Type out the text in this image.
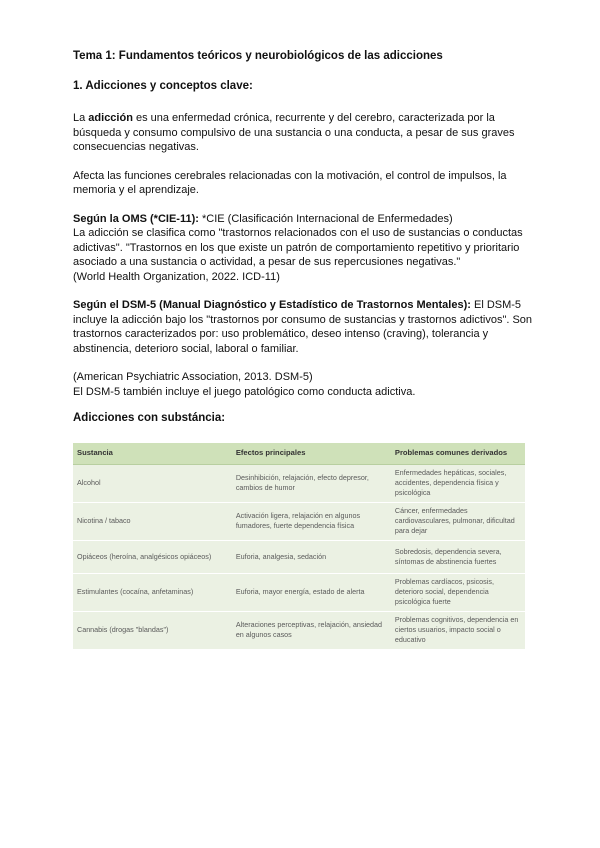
Tema 1: Fundamentos teóricos y neurobiológicos de las adicciones
1. Adicciones y conceptos clave:
La adicción es una enfermedad crónica, recurrente y del cerebro, caracterizada por la búsqueda y consumo compulsivo de una sustancia o una conducta, a pesar de sus graves consecuencias negativas.
Afecta las funciones cerebrales relacionadas con la motivación, el control de impulsos, la memoria y el aprendizaje.
Según la OMS (*CIE-11): *CIE (Clasificación Internacional de Enfermedades)
La adicción se clasifica como "trastornos relacionados con el uso de sustancias o conductas adictivas". "Trastornos en los que existe un patrón de comportamiento repetitivo y prioritario asociado a una sustancia o actividad, a pesar de sus repercusiones negativas."
(World Health Organization, 2022. ICD-11)
Según el DSM-5 (Manual Diagnóstico y Estadístico de Trastornos Mentales): El DSM-5 incluye la adicción bajo los "trastornos por consumo de sustancias y trastornos adictivos". Son trastornos caracterizados por: uso problemático, deseo intenso (craving), tolerancia y abstinencia, deterioro social, laboral o familiar.
(American Psychiatric Association, 2013. DSM-5)
El DSM-5 también incluye el juego patológico como conducta adictiva.
Adicciones con substáncia:
Sustancia	Efectos principales	Problemas comunes derivados
Alcohol	Desinhibición, relajación, efecto depresor, cambios de humor	Enfermedades hepáticas, sociales, accidentes, dependencia física y psicológica
Nicotina / tabaco	Activación ligera, relajación en algunos fumadores, fuerte dependencia física	Cáncer, enfermedades cardiovasculares, pulmonar, dificultad para dejar
Opiáceos (heroína, analgésicos opiáceos)	Euforia, analgesia, sedación	Sobredosis, dependencia severa, síntomas de abstinencia fuertes
Estimulantes (cocaína, anfetaminas)	Euforia, mayor energía, estado de alerta	Problemas cardíacos, psicosis, deterioro social, dependencia psicológica fuerte
Cannabis (drogas "blandas")	Alteraciones perceptivas, relajación, ansiedad en algunos casos	Problemas cognitivos, dependencia en ciertos usuarios, impacto social o educativo
